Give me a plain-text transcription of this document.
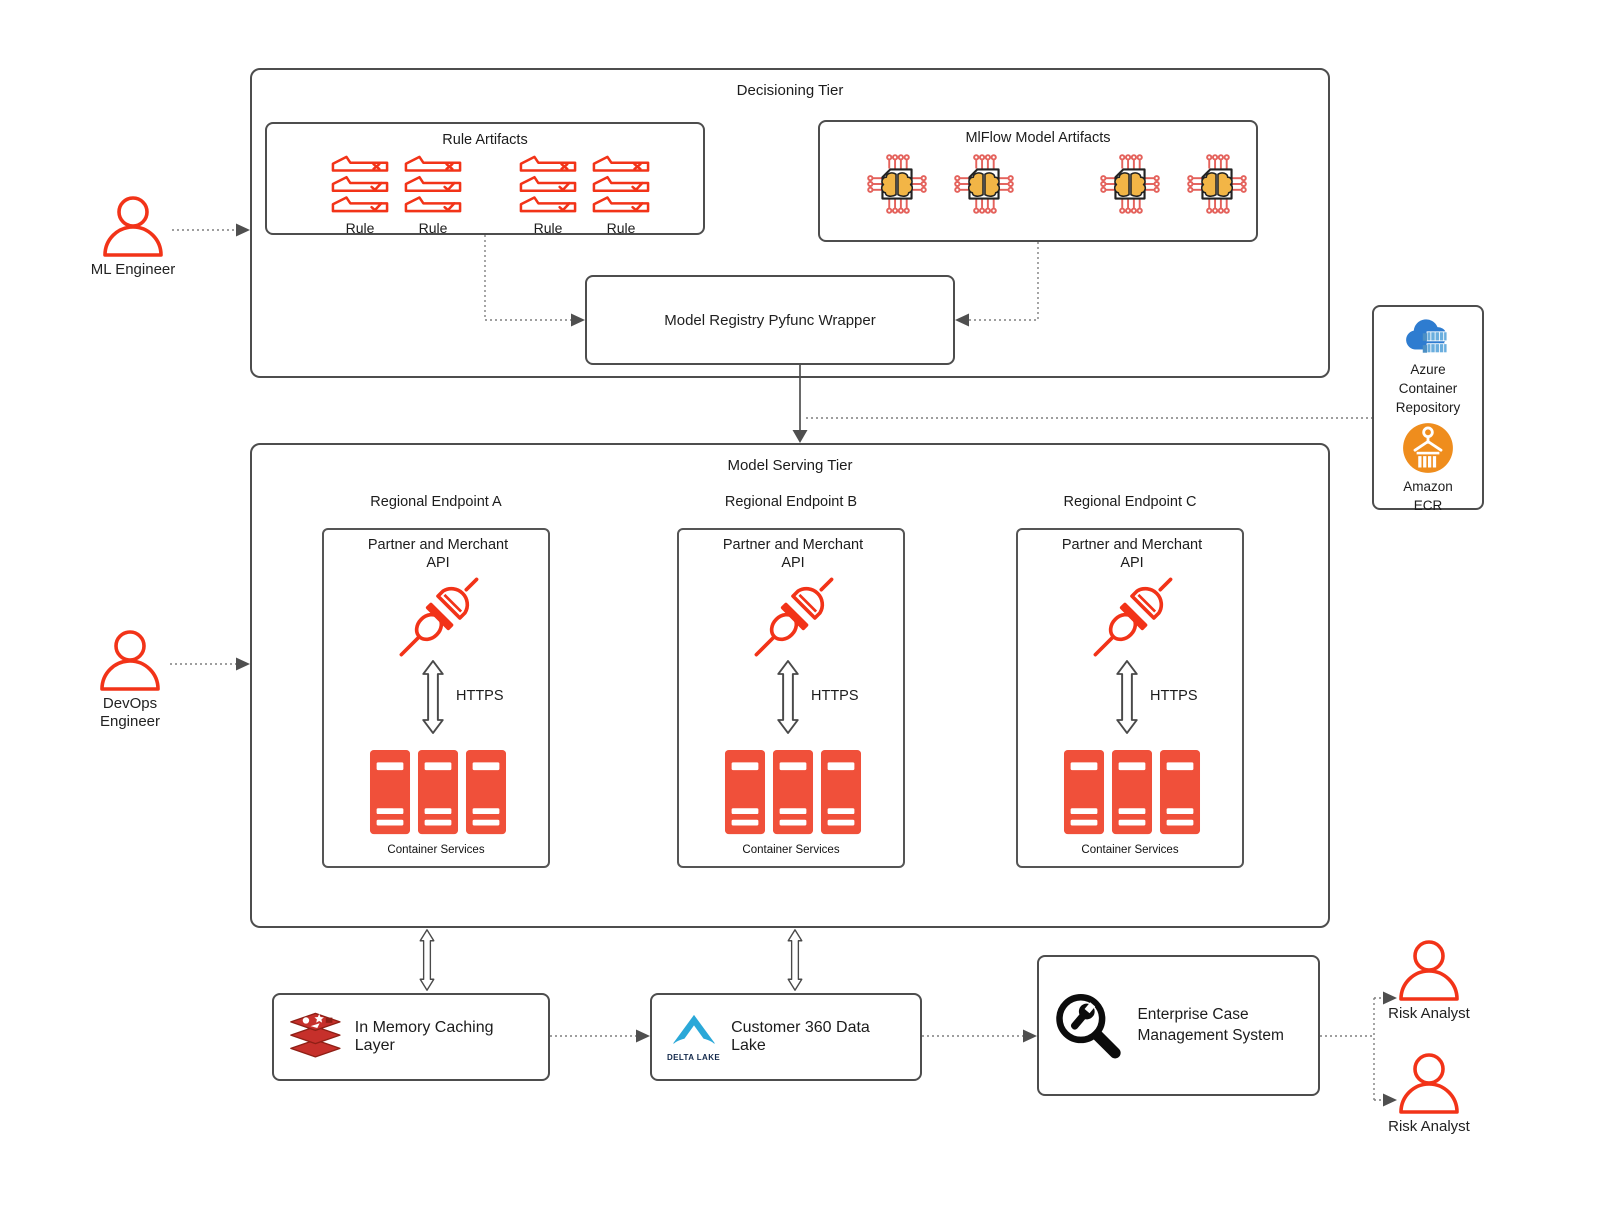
Decisioning Tier
Model Serving Tier
Rule Artifacts
Rule	Rule	Rule	Rule
MlFlow Model Artifacts
Model Registry Pyfunc Wrapper
ML Engineer
DevOps Engineer
Azure Container Repository
Amazon ECR
Regional Endpoint A	Regional Endpoint B	Regional Endpoint C
Partner and Merchant API
HTTPS
Container Services
Partner and Merchant API
HTTPS
Container Services
Partner and Merchant API
HTTPS
Container Services
In Memory Caching Layer
DELTA LAKE
Customer 360 Data Lake
Enterprise Case Management System
Risk Analyst
Risk Analyst
